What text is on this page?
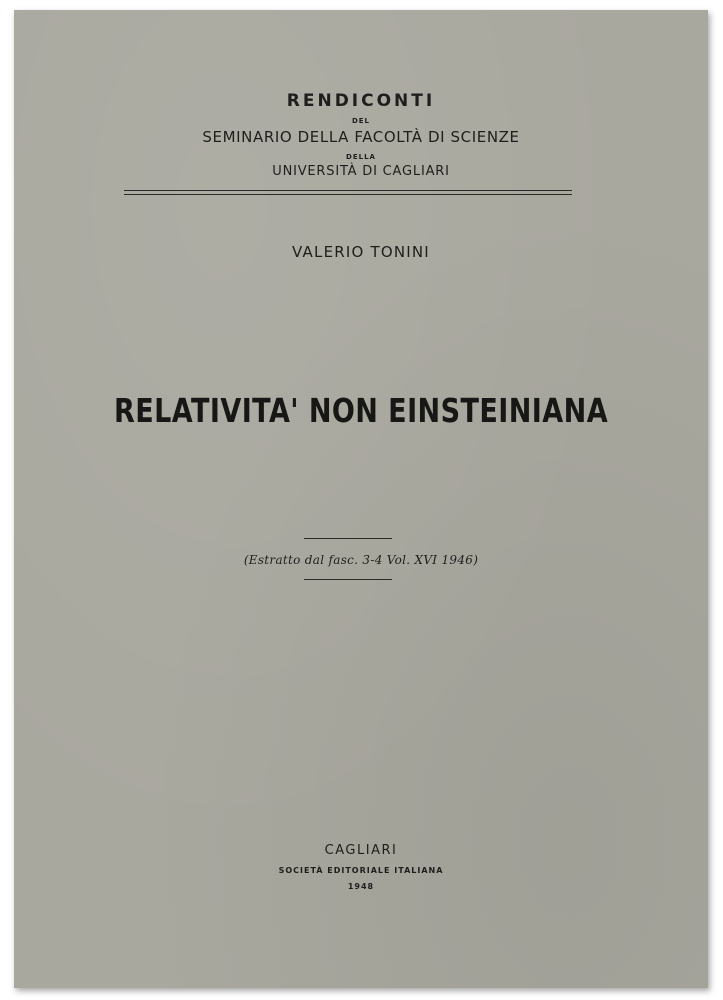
RENDICONTI

DEL

SEMINARIO DELLA FACOLTÀ DI SCIENZE

DELLA

UNIVERSITÀ DI CAGLIARI

VALERIO TONINI

RELATIVITA' NON EINSTEINIANA

(Estratto dal fasc. 3-4 Vol. XVI 1946)

CAGLIARI

SOCIETÀ EDITORIALE ITALIANA

1948
